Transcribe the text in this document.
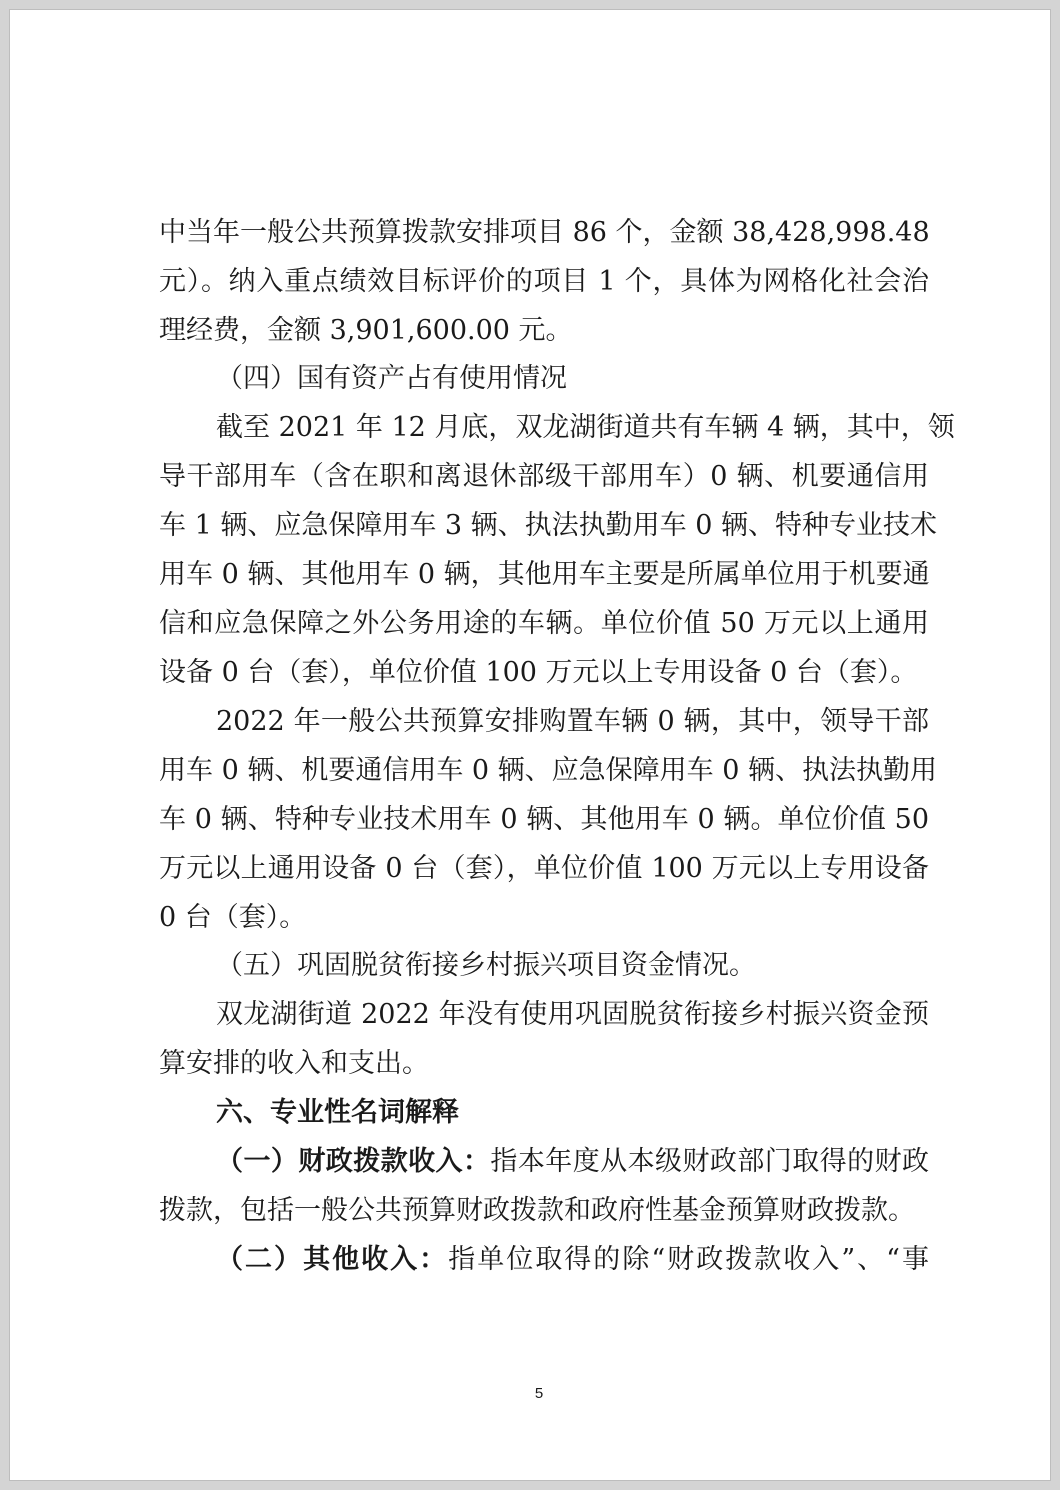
中当年一般公共预算拨款安排项目 86 个，金额 38,428,998.48
元）。纳入重点绩效目标评价的项目 1 个，具体为网格化社会治
理经费，金额 3,901,600.00 元。
（四）国有资产占有使用情况
截至 2021 年 12 月底，双龙湖街道共有车辆 4 辆，其中，领
导干部用车（含在职和离退休部级干部用车）0 辆、机要通信用
车 1 辆、应急保障用车 3 辆、执法执勤用车 0 辆、特种专业技术
用车 0 辆、其他用车 0 辆，其他用车主要是所属单位用于机要通
信和应急保障之外公务用途的车辆。单位价值 50 万元以上通用
设备 0 台（套），单位价值 100 万元以上专用设备 0 台（套）。
2022 年一般公共预算安排购置车辆 0 辆，其中，领导干部
用车 0 辆、机要通信用车 0 辆、应急保障用车 0 辆、执法执勤用
车 0 辆、特种专业技术用车 0 辆、其他用车 0 辆。单位价值 50
万元以上通用设备 0 台（套），单位价值 100 万元以上专用设备
0 台（套）。
（五）巩固脱贫衔接乡村振兴项目资金情况。
双龙湖街道 2022 年没有使用巩固脱贫衔接乡村振兴资金预
算安排的收入和支出。
六、专业性名词解释
（一）财政拨款收入：指本年度从本级财政部门取得的财政
拨款，包括一般公共预算财政拨款和政府性基金预算财政拨款。
（二）其他收入：指单位取得的除“财政拨款收入”、“事
5
